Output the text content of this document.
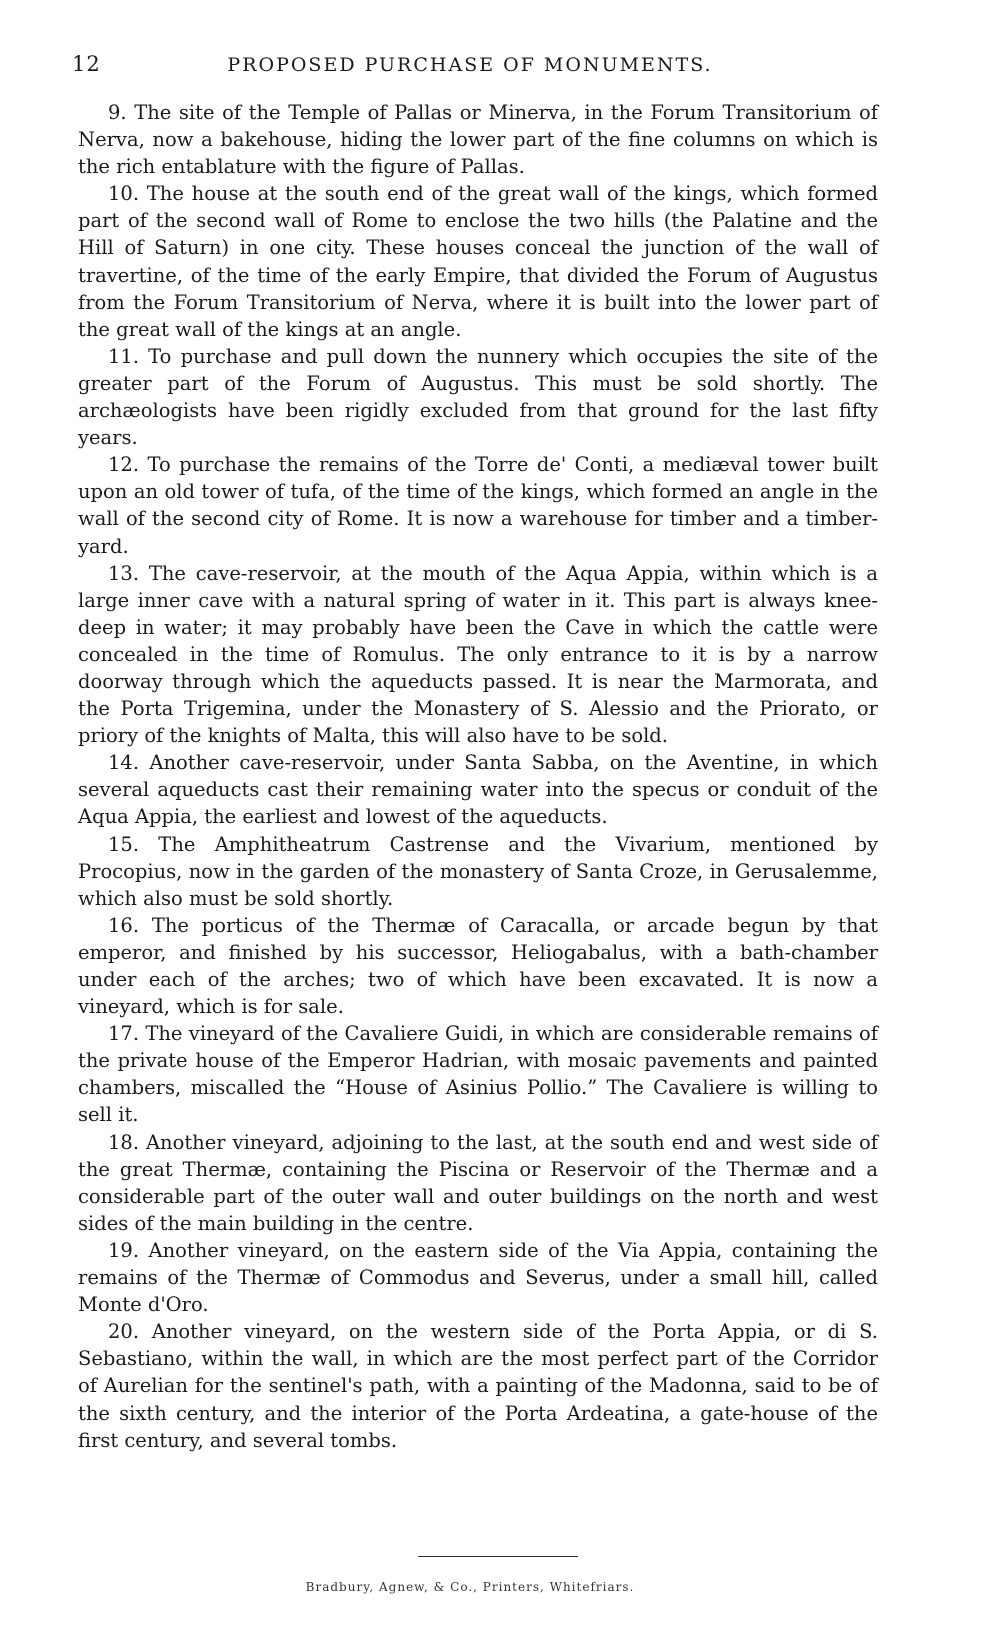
12	PROPOSED PURCHASE OF MONUMENTS.

9. The site of the Temple of Pallas or Minerva, in the Forum Transitorium of Nerva, now a bakehouse, hiding the lower part of the fine columns on which is the rich entablature with the figure of Pallas.

10. The house at the south end of the great wall of the kings, which formed part of the second wall of Rome to enclose the two hills (the Palatine and the Hill of Saturn) in one city. These houses conceal the junction of the wall of travertine, of the time of the early Empire, that divided the Forum of Augustus from the Forum Transitorium of Nerva, where it is built into the lower part of the great wall of the kings at an angle.

11. To purchase and pull down the nunnery which occupies the site of the greater part of the Forum of Augustus. This must be sold shortly. The archæologists have been rigidly excluded from that ground for the last fifty years.

12. To purchase the remains of the Torre de' Conti, a mediæval tower built upon an old tower of tufa, of the time of the kings, which formed an angle in the wall of the second city of Rome. It is now a warehouse for timber and a timber-yard.

13. The cave-reservoir, at the mouth of the Aqua Appia, within which is a large inner cave with a natural spring of water in it. This part is always knee-deep in water; it may probably have been the Cave in which the cattle were concealed in the time of Romulus. The only entrance to it is by a narrow doorway through which the aqueducts passed. It is near the Marmorata, and the Porta Trigemina, under the Monastery of S. Alessio and the Priorato, or priory of the knights of Malta, this will also have to be sold.

14. Another cave-reservoir, under Santa Sabba, on the Aventine, in which several aqueducts cast their remaining water into the specus or conduit of the Aqua Appia, the earliest and lowest of the aqueducts.

15. The Amphitheatrum Castrense and the Vivarium, mentioned by Procopius, now in the garden of the monastery of Santa Croze, in Gerusalemme, which also must be sold shortly.

16. The porticus of the Thermæ of Caracalla, or arcade begun by that emperor, and finished by his successor, Heliogabalus, with a bath-chamber under each of the arches; two of which have been excavated. It is now a vineyard, which is for sale.

17. The vineyard of the Cavaliere Guidi, in which are considerable remains of the private house of the Emperor Hadrian, with mosaic pavements and painted chambers, miscalled the “House of Asinius Pollio.” The Cavaliere is willing to sell it.

18. Another vineyard, adjoining to the last, at the south end and west side of the great Thermæ, containing the Piscina or Reservoir of the Thermæ and a considerable part of the outer wall and outer buildings on the north and west sides of the main building in the centre.

19. Another vineyard, on the eastern side of the Via Appia, containing the remains of the Thermæ of Commodus and Severus, under a small hill, called Monte d'Oro.

20. Another vineyard, on the western side of the Porta Appia, or di S. Sebastiano, within the wall, in which are the most perfect part of the Corridor of Aurelian for the sentinel's path, with a painting of the Madonna, said to be of the sixth century, and the interior of the Porta Ardeatina, a gate-house of the first century, and several tombs.

Bradbury, Agnew, & Co., Printers, Whitefriars.
